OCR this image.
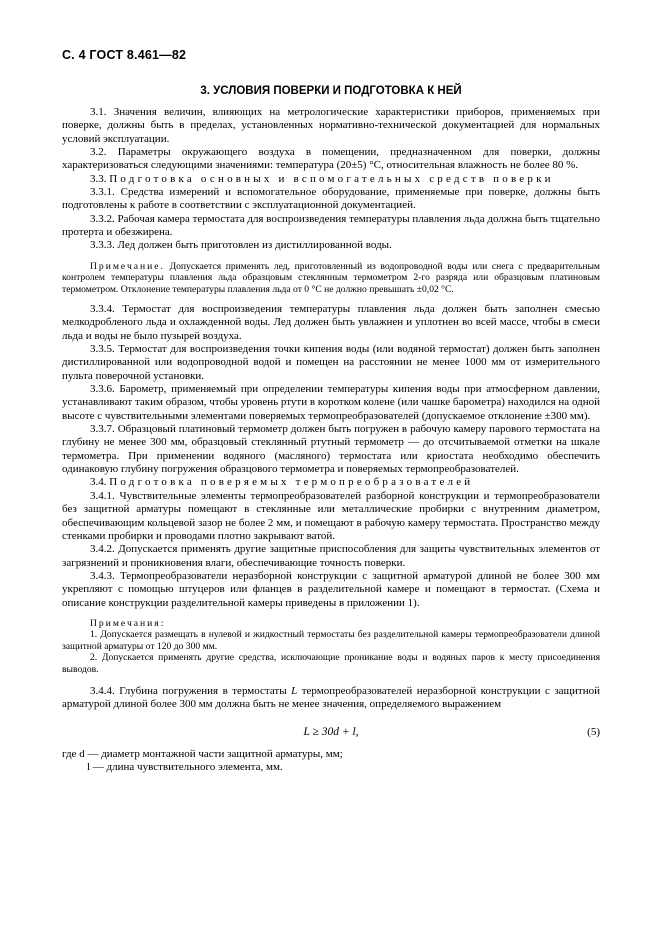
С. 4 ГОСТ 8.461—82
3. УСЛОВИЯ ПОВЕРКИ И ПОДГОТОВКА К НЕЙ

3.1. Значения величин, влияющих на метрологические характеристики приборов, применяемых при поверке, должны быть в пределах, установленных нормативно-технической документацией для нормальных условий эксплуатации.

3.2. Параметры окружающего воздуха в помещении, предназначенном для поверки, должны характеризоваться следующими значениями: температура (20±5) °C, относительная влажность не более 80 %.

3.3. Подготовка основных и вспомогательных средств поверки

3.3.1. Средства измерений и вспомогательное оборудование, применяемые при поверке, должны быть подготовлены к работе в соответствии с эксплуатационной документацией.

3.3.2. Рабочая камера термостата для воспроизведения температуры плавления льда должна быть тщательно протерта и обезжирена.

3.3.3. Лед должен быть приготовлен из дистиллированной воды.

Примечание. Допускается применять лед, приготовленный из водопроводной воды или снега с предварительным контролем температуры плавления льда образцовым стеклянным термометром 2-го разряда или образцовым платиновым термометром. Отклонение температуры плавления льда от 0 °C не должно превышать ±0,02 °C.

3.3.4. Термостат для воспроизведения температуры плавления льда должен быть заполнен смесью мелкодробленого льда и охлажденной воды. Лед должен быть увлажнен и уплотнен во всей массе, чтобы в смеси льда и воды не было пузырей воздуха.

3.3.5. Термостат для воспроизведения точки кипения воды (или водяной термостат) должен быть заполнен дистиллированной или водопроводной водой и помещен на расстоянии не менее 1000 мм от измерительного пульта поверочной установки.

3.3.6. Барометр, применяемый при определении температуры кипения воды при атмосферном давлении, устанавливают таким образом, чтобы уровень ртути в коротком колене (или чашке барометра) находился на одной высоте с чувствительными элементами поверяемых термопреобразователей (допускаемое отклонение ±300 мм).

3.3.7. Образцовый платиновый термометр должен быть погружен в рабочую камеру парового термостата на глубину не менее 300 мм, образцовый стеклянный ртутный термометр — до отсчитываемой отметки на шкале термометра. При применении водяного (масляного) термостата или криостата необходимо обеспечить одинаковую глубину погружения образцового термометра и поверяемых термопреобразователей.

3.4. Подготовка поверяемых термопреобразователей

3.4.1. Чувствительные элементы термопреобразователей разборной конструкции и термопреобразователи без защитной арматуры помещают в стеклянные или металлические пробирки с внутренним диаметром, обеспечивающим кольцевой зазор не более 2 мм, и помещают в рабочую камеру термостата. Пространство между стенками пробирки и проводами плотно закрывают ватой.

3.4.2. Допускается применять другие защитные приспособления для защиты чувствительных элементов от загрязнений и проникновения влаги, обеспечивающие точность поверки.

3.4.3. Термопреобразователи неразборной конструкции с защитной арматурой длиной не более 300 мм укрепляют с помощью штуцеров или фланцев в разделительной камере и помещают в термостат. (Схема и описание конструкции разделительной камеры приведены в приложении 1).

Примечания:

1. Допускается размещать в нулевой и жидкостный термостаты без разделительной камеры термопреобразователи длиной защитной арматуры от 120 до 300 мм.

2. Допускается применять другие средства, исключающие проникание воды и водяных паров к месту присоединения выводов.

3.4.4. Глубина погружения в термостаты L термопреобразователей неразборной конструкции с защитной арматурой длиной более 300 мм должна быть не менее значения, определяемого выражением

L ≥ 30d + l,	(5)

где d — диаметр монтажной части защитной арматуры, мм;

l — длина чувствительного элемента, мм.
